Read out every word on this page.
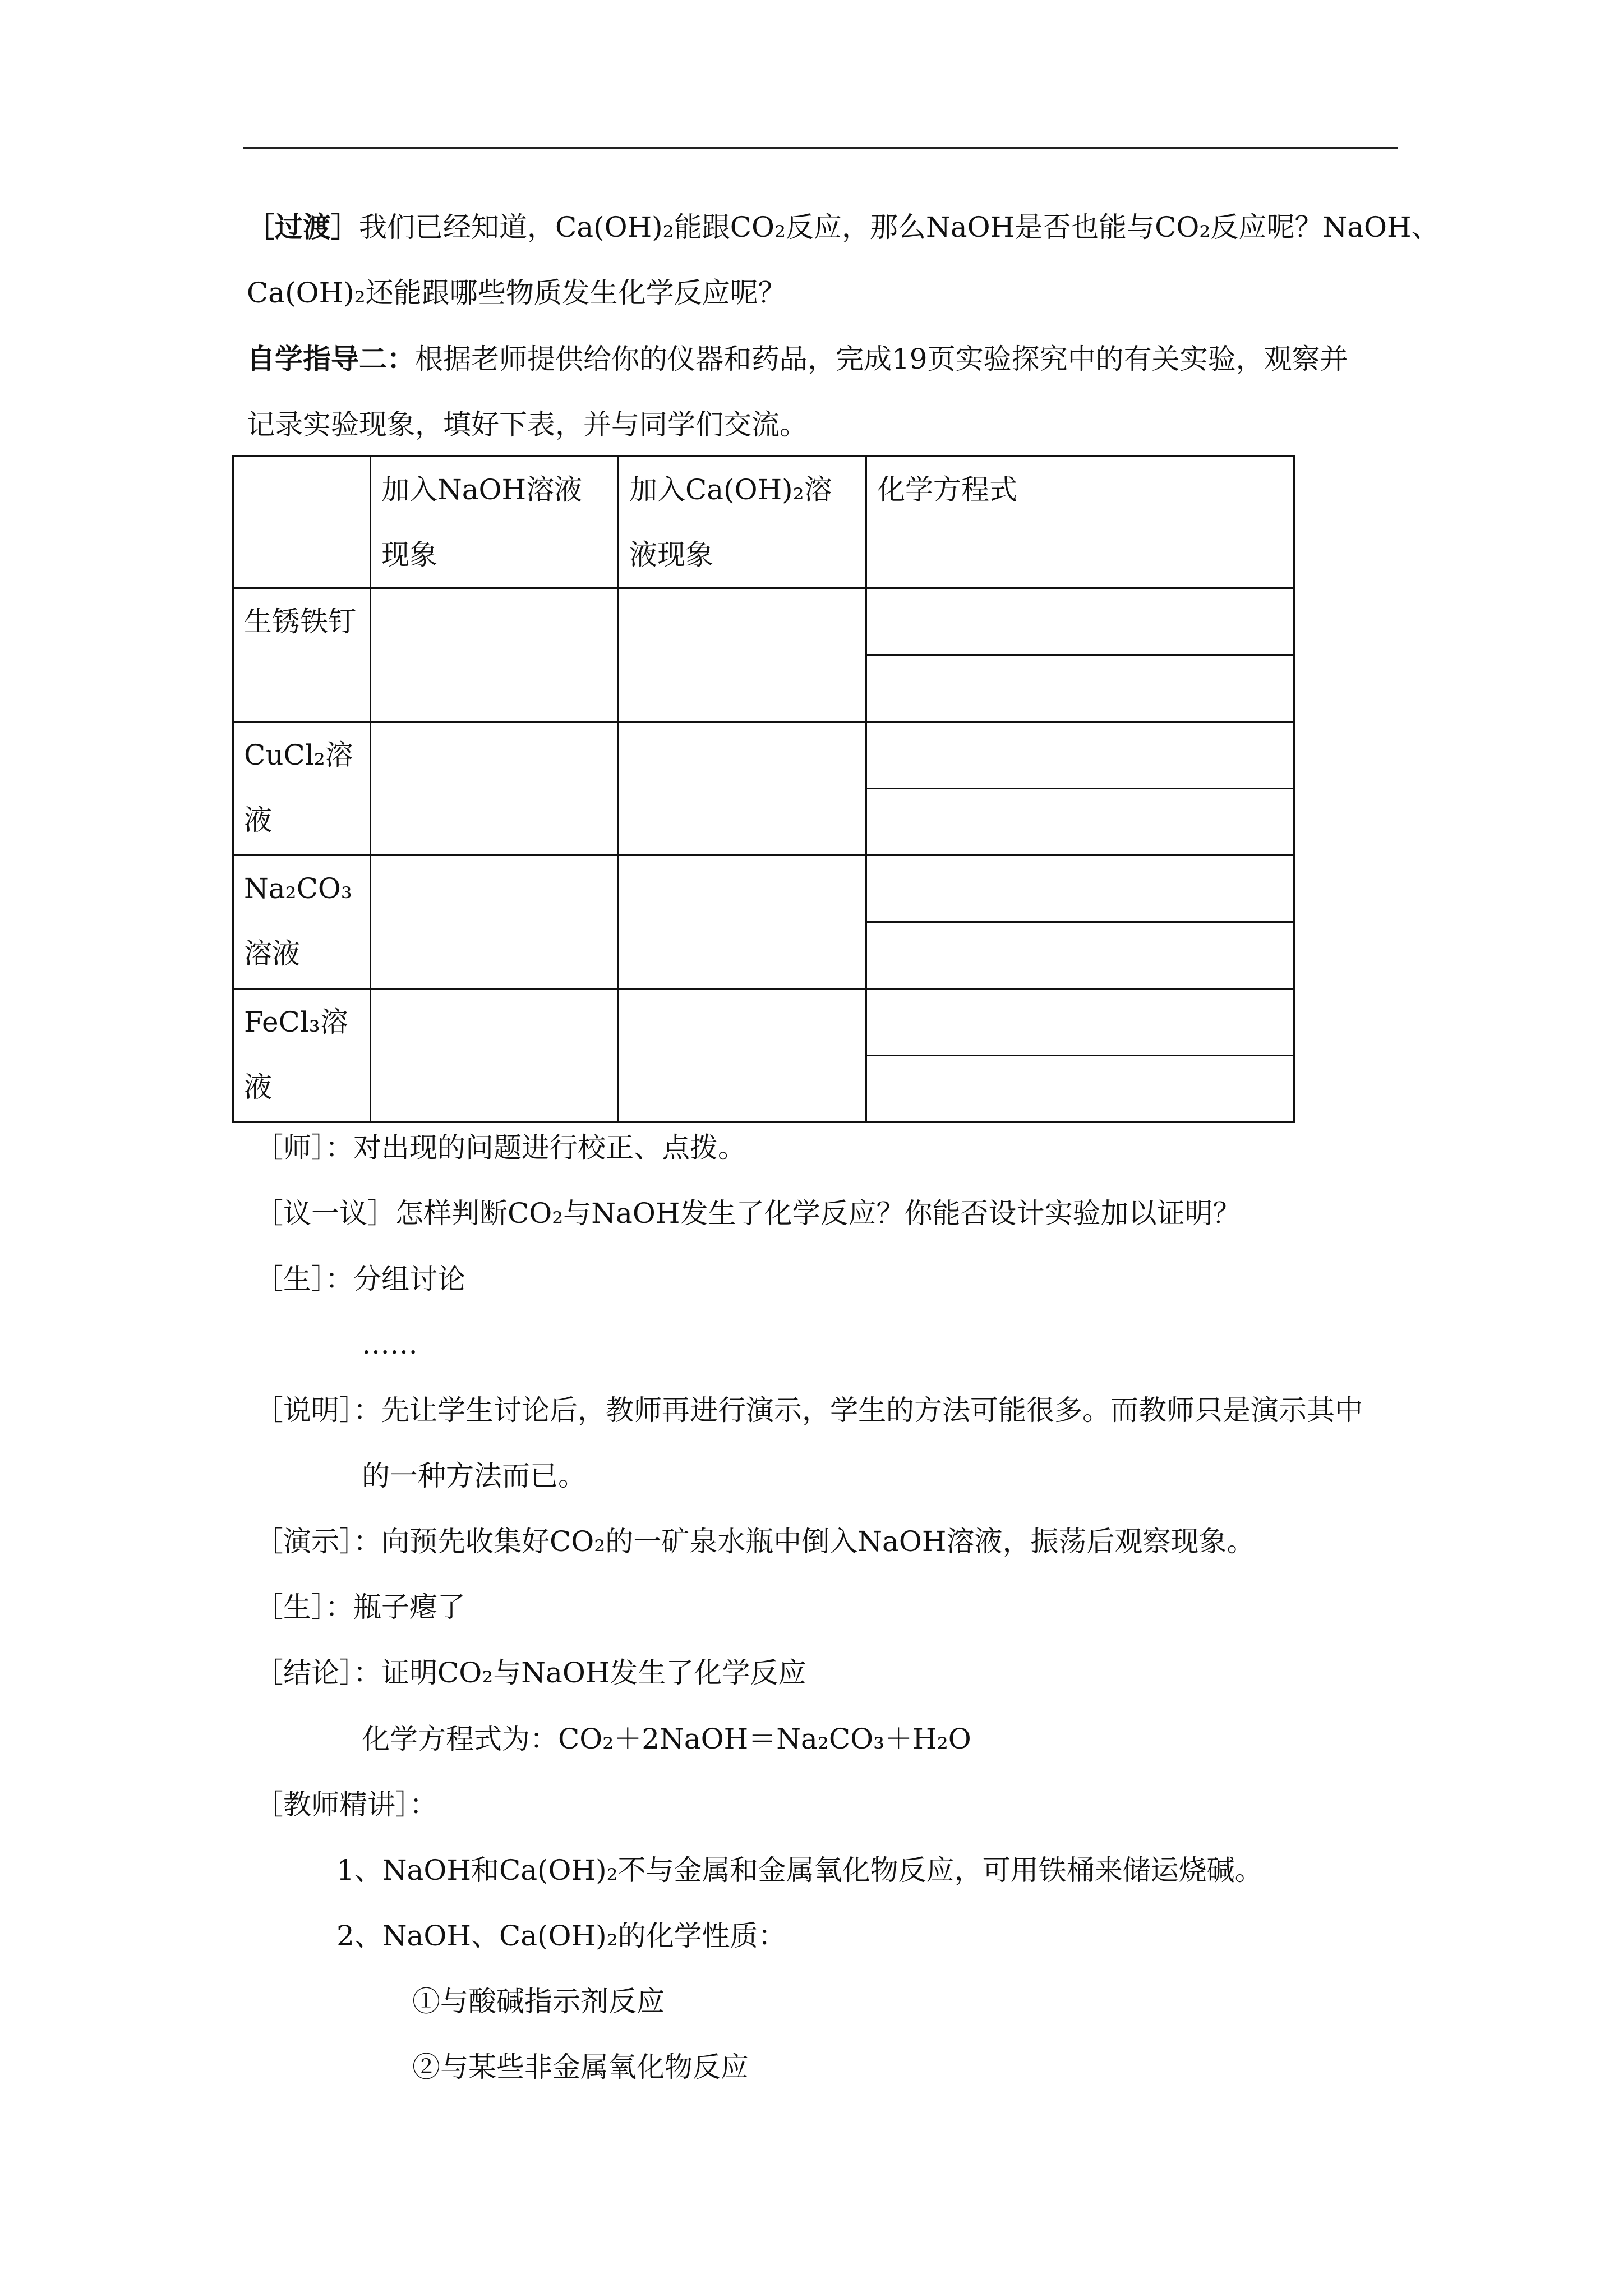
［过渡］我们已经知道，Ca(OH)₂能跟CO₂反应，那么NaOH是否也能与CO₂反应呢？NaOH、
Ca(OH)₂还能跟哪些物质发生化学反应呢？
自学指导二：根据老师提供给你的仪器和药品，完成19页实验探究中的有关实验，观察并
记录实验现象，填好下表，并与同学们交流。
	加入NaOH溶液现象	加入Ca(OH)₂溶液现象	化学方程式
生锈铁钉			

CuCl₂溶液			

Na₂CO₃溶液			

FeCl₃溶液			

［师］：对出现的问题进行校正、点拨。
［议一议］怎样判断CO₂与NaOH发生了化学反应？你能否设计实验加以证明？
［生］：分组讨论
……
［说明］：先让学生讨论后，教师再进行演示，学生的方法可能很多。而教师只是演示其中
的一种方法而已。
［演示］：向预先收集好CO₂的一矿泉水瓶中倒入NaOH溶液，振荡后观察现象。
［生］：瓶子瘪了
［结论］：证明CO₂与NaOH发生了化学反应
化学方程式为：CO₂＋2NaOH＝Na₂CO₃＋H₂O
［教师精讲］：
1、NaOH和Ca(OH)₂不与金属和金属氧化物反应，可用铁桶来储运烧碱。
2、NaOH、Ca(OH)₂的化学性质：
①与酸碱指示剂反应
②与某些非金属氧化物反应
